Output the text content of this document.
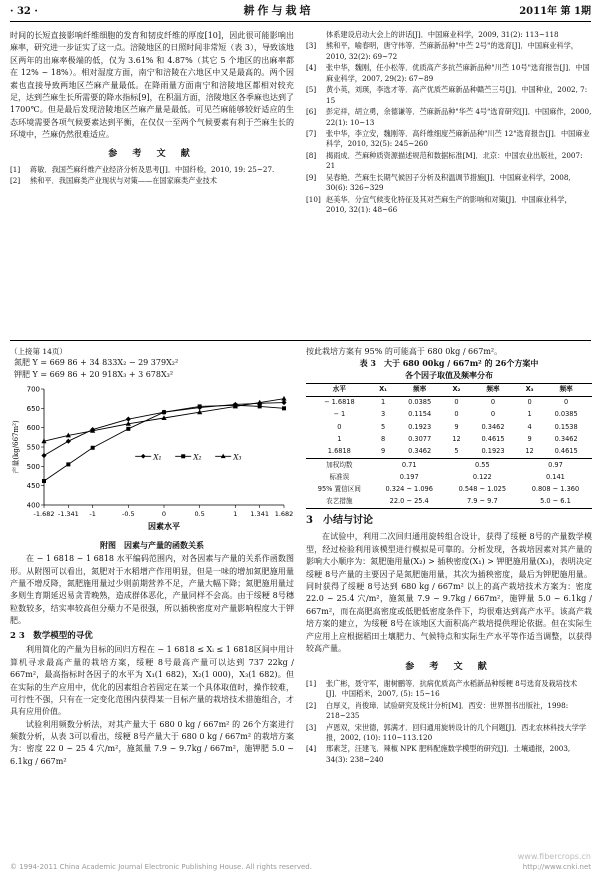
· 32 ·	耕作与栽培	2011年 第 1期

时间的长短直接影响纤维细胞的发育和韧皮纤维的厚度[10]，因此很可能影响出麻率，研究进一步证实了这一点。涪陵地区的日照时间非常短（表 3），导致该地区两年的出麻率极端的低，仅为 3.61% 和 4.87%（其它 5 个地区的出麻率都在 12% ~ 18%）。相对湿度方面，南宁和涪陵在六地区中又是最高的。两个因素也直接导致两地区苎麻产量最低。在降雨量方面南宁和涪陵地区都相对较充足，达到苎麻生长所需要的降水指标[9]，在积温方面，涪陵地区各季麻也达到了 1700℃。但是最后发现涪陵地区苎麻产量是最低。可见苎麻能够较好适应的生态环境需要各项气候要素达到平衡，在仅仅一至两个气候要素有利于苎麻生长的环境中，苎麻仍然很难适应。

参 考 文 献
[1]	蒋敏．我国苎麻纤维产业经济分析及思考[J]．中国纤检，2010, 19: 25~27.
[2]	熊和平．我国麻类产业现状与对策——在国家麻类产业技术
体系建设启动大会上的讲话[J]．中国麻业科学，2009, 31(2): 113~118
[3]	熊和平，喻春明，唐守伟等．苎麻新品种"中苎 2号"的选育[J]．中国麻业科学，2010, 32(2): 69~72
[4]	张中华，魏刚，任小松等．优质高产多抗苎麻新品种"川苎 10号"选育报告[J]．中国麻业科学，2007, 29(2): 67~89
[5]	黄小英，刘瑛，李选才等．高产优质苎麻新品种赣苎三号[J]．中国种业，2002, 7: 15
[6]	彭定祥，胡立勇，余德谦等．苎麻新品种"华苎 4号"选育研究[J]．中国麻作，2000, 22(1): 10~13
[7]	张中华，李立安，魏刚等．高纤维细度苎麻新品种"川苎 12"选育报告[J]．中国麻业科学，2010, 32(5): 245~260
[8]	揭雨成．苎麻种质资源描述规范和数据标准[M]．北京：中国农业出版社，2007: 21
[9]	吴春艳．苎麻生长期气候因子分析及积温调节措施[J]．中国麻业科学，2008, 30(6): 326~329
[10] 赵美华．分宜气候变化特征及其对苎麻生产的影响和对策[J]．中国麻业科学，2010, 32(1): 48~66
（上接第 14页）
氮肥 Y = 669 86 + 34 833X₂ − 29 379X₂²
钾肥 Y = 669 86 + 20 918X₃ + 3 678X₃²
400
450
500
550
600
650
700
-1.682 -1.341 -1	-0.5	0	0.5	1 1.341 1.682
因素水平
产量(kg/667m²)	X₁	X₂	X₃
附图　因素与产量的函数关系

在 − 1 6818 ~ 1 6818 水平编码范围内，对各因素与产量的关系作函数图形。从附图可以看出，氮肥对于水稻增产作用明显，但是一味的增加氮肥施用量产量不增反降，氮肥施用量过少则前期营养不足，产量大幅下降；氮肥施用量过多则生育期延迟易贪青晚熟，造成群体恶化，产量同样不会高。由于绥粳 8号穗粒数较多，结实率较高但分蘖力不是很强，所以插秧密度对产量影响程度大于钾肥。

2 3　数学模型的寻优

利用简化的产量为目标的回归方程在 − 1 6818 ≤ Xᵢ ≤ 1 6818区间中用计算机寻求最高产量的栽培方案，绥粳 8号最高产量可以达到 737 22kg / 667m²，最高指标时各因子的水平为 X₁(1 682)，X₂(1 000)，X₃(1 682)。但在实际的生产应用中，优化的因素组合若固定在某一个具体取值时，操作较难，可行性不强，只有在一定变化范围内获得某一目标产量的栽培技术措施组合，才具有应用价值。

试验利用频数分析法，对其产量大于 680 0 kg / 667m² 的 26个方案进行频数分析，从表 3可以看出，绥粳 8号产量大于 680 0 kg / 667m² 的栽培方案为：密度 22 0 ~ 25 4 穴/m²，施氮量 7.9 ~ 9.7kg / 667m²，施钾肥 5.0 ~ 6.1kg / 667m²

按此栽培方案有 95% 的可能高于 680 0kg / 667m²。

表 3　大于 680 00kg / 667m² 的 26个方案中
各个因子取值及频率分布
水平	X₁	频率	X₂	频率	X₃	频率
− 1.6818	1	0.0385	0	0	0	0
− 1	3	0.1154	0	0	1	0.0385
0	5	0.1923	9	0.3462	4	0.1538
1	8	0.3077	12	0.4615	9	0.3462
1.6818	9	0.3462	5	0.1923	12	0.4615
加权均数	0.71		0.55		0.97	
标准误	0.197		0.122		0.141	
95% 置信区间	0.324 ~ 1.096		0.548 ~ 1.025		0.808 ~ 1.360	
农艺措施	22.0 ~ 25.4		7.9 ~ 9.7		5.0 ~ 6.1	
3　小结与讨论

在试验中，利用二次回归通用旋转组合设计，获得了绥粳 8号的产量数学模型，经过检验利用该模型进行模拟是可靠的。分析发现，各栽培因素对其产量的影响大小顺序为：氮肥施用量(X₂) > 插秧密度(X₁) > 钾肥施用量(X₃)，表明决定绥粳 8号产量的主要因子是氮肥施用量，其次为插秧密度，最后为钾肥施用量。同时获得了绥粳 8号达到 680 kg / 667m² 以上的高产栽培技术方案为：密度 22.0 ~ 25.4 穴/m²，施氮量 7.9 ~ 9.7kg / 667m²，施钾量 5.0 ~ 6.1kg / 667m²，而在高肥高密度或低肥低密度条件下，均很难达到高产水平。该高产栽培方案的建立，为绥粳 8号在该地区大面积高产栽培提供理论依据。但在实际生产应用上应根据稻田土壤肥力、气候特点和实际生产水平等作适当调整，以获得较高产量。

参 考 文 献
[1]	张广彬，聂守军，谢树鹏等．抗病优质高产水稻新品种绥粳 8号选育及栽培技术[J]．中国稻米，2007, (5): 15~16
[2]	白厚义，肖俊璋．试验研究及统计分析[M]．西安：世界图书出版社，1998: 218~235
[3]	卢恩双，宋世德，郭满才．回归通用旋转设计的几个问题[J]．西北农林科技大学学报，2002, (10): 110~113.120
[4]	邢素芝，汪建飞．辣椒 NPK 肥料配施数学模型的研究[J]．土壤通报，2003, 34(3): 238~240
www.fibercrops.cn
© 1994-2011 China Academic Journal Electronic Publishing House. All rights reserved.	http://www.cnki.net
